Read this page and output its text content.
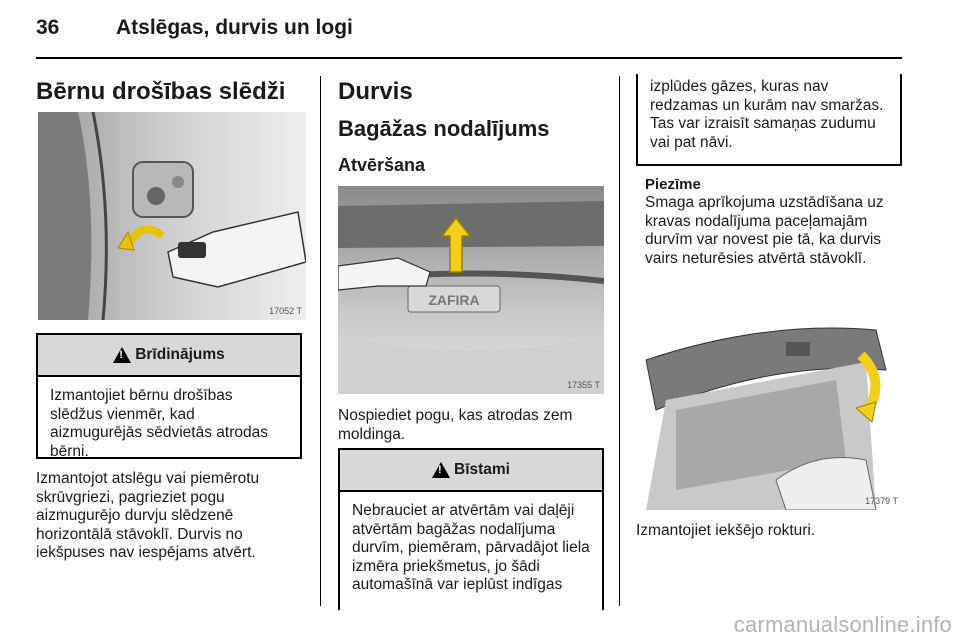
36	Atslēgas, durvis un logi
Bērnu drošības slēdži
17052 T
!
Brīdinājums
Izmantojiet bērnu drošības slēdžus vienmēr, kad aizmugurējās sēdvietās atrodas bērni.

Izmantojot atslēgu vai piemērotu skrūvgriezi, pagrieziet pogu aizmugurējo durvju slēdzenē horizontālā stāvoklī. Durvis no iekšpuses nav iespējams atvērt.

Durvis
Bagāžas nodalījums
Atvēršana
ZAFIRA
17355 T

Nospiediet pogu, kas atrodas zem moldinga.

!
Bīstami
Nebrauciet ar atvērtām vai daļēji atvērtām bagāžas nodalījuma durvīm, piemēram, pārvadājot liela izmēra priekšmetus, jo šādi automašīnā var ieplūst indīgas
izplūdes gāzes, kuras nav redzamas un kurām nav smaržas. Tas var izraisīt samaņas zudumu vai pat nāvi.
Piezīme

Smaga aprīkojuma uzstādīšana uz kravas nodalījuma paceļamajām durvīm var novest pie tā, ka durvis vairs neturēsies atvērtā stāvoklī.

17379 T

Izmantojiet iekšējo rokturi.

carmanualsonline.info
